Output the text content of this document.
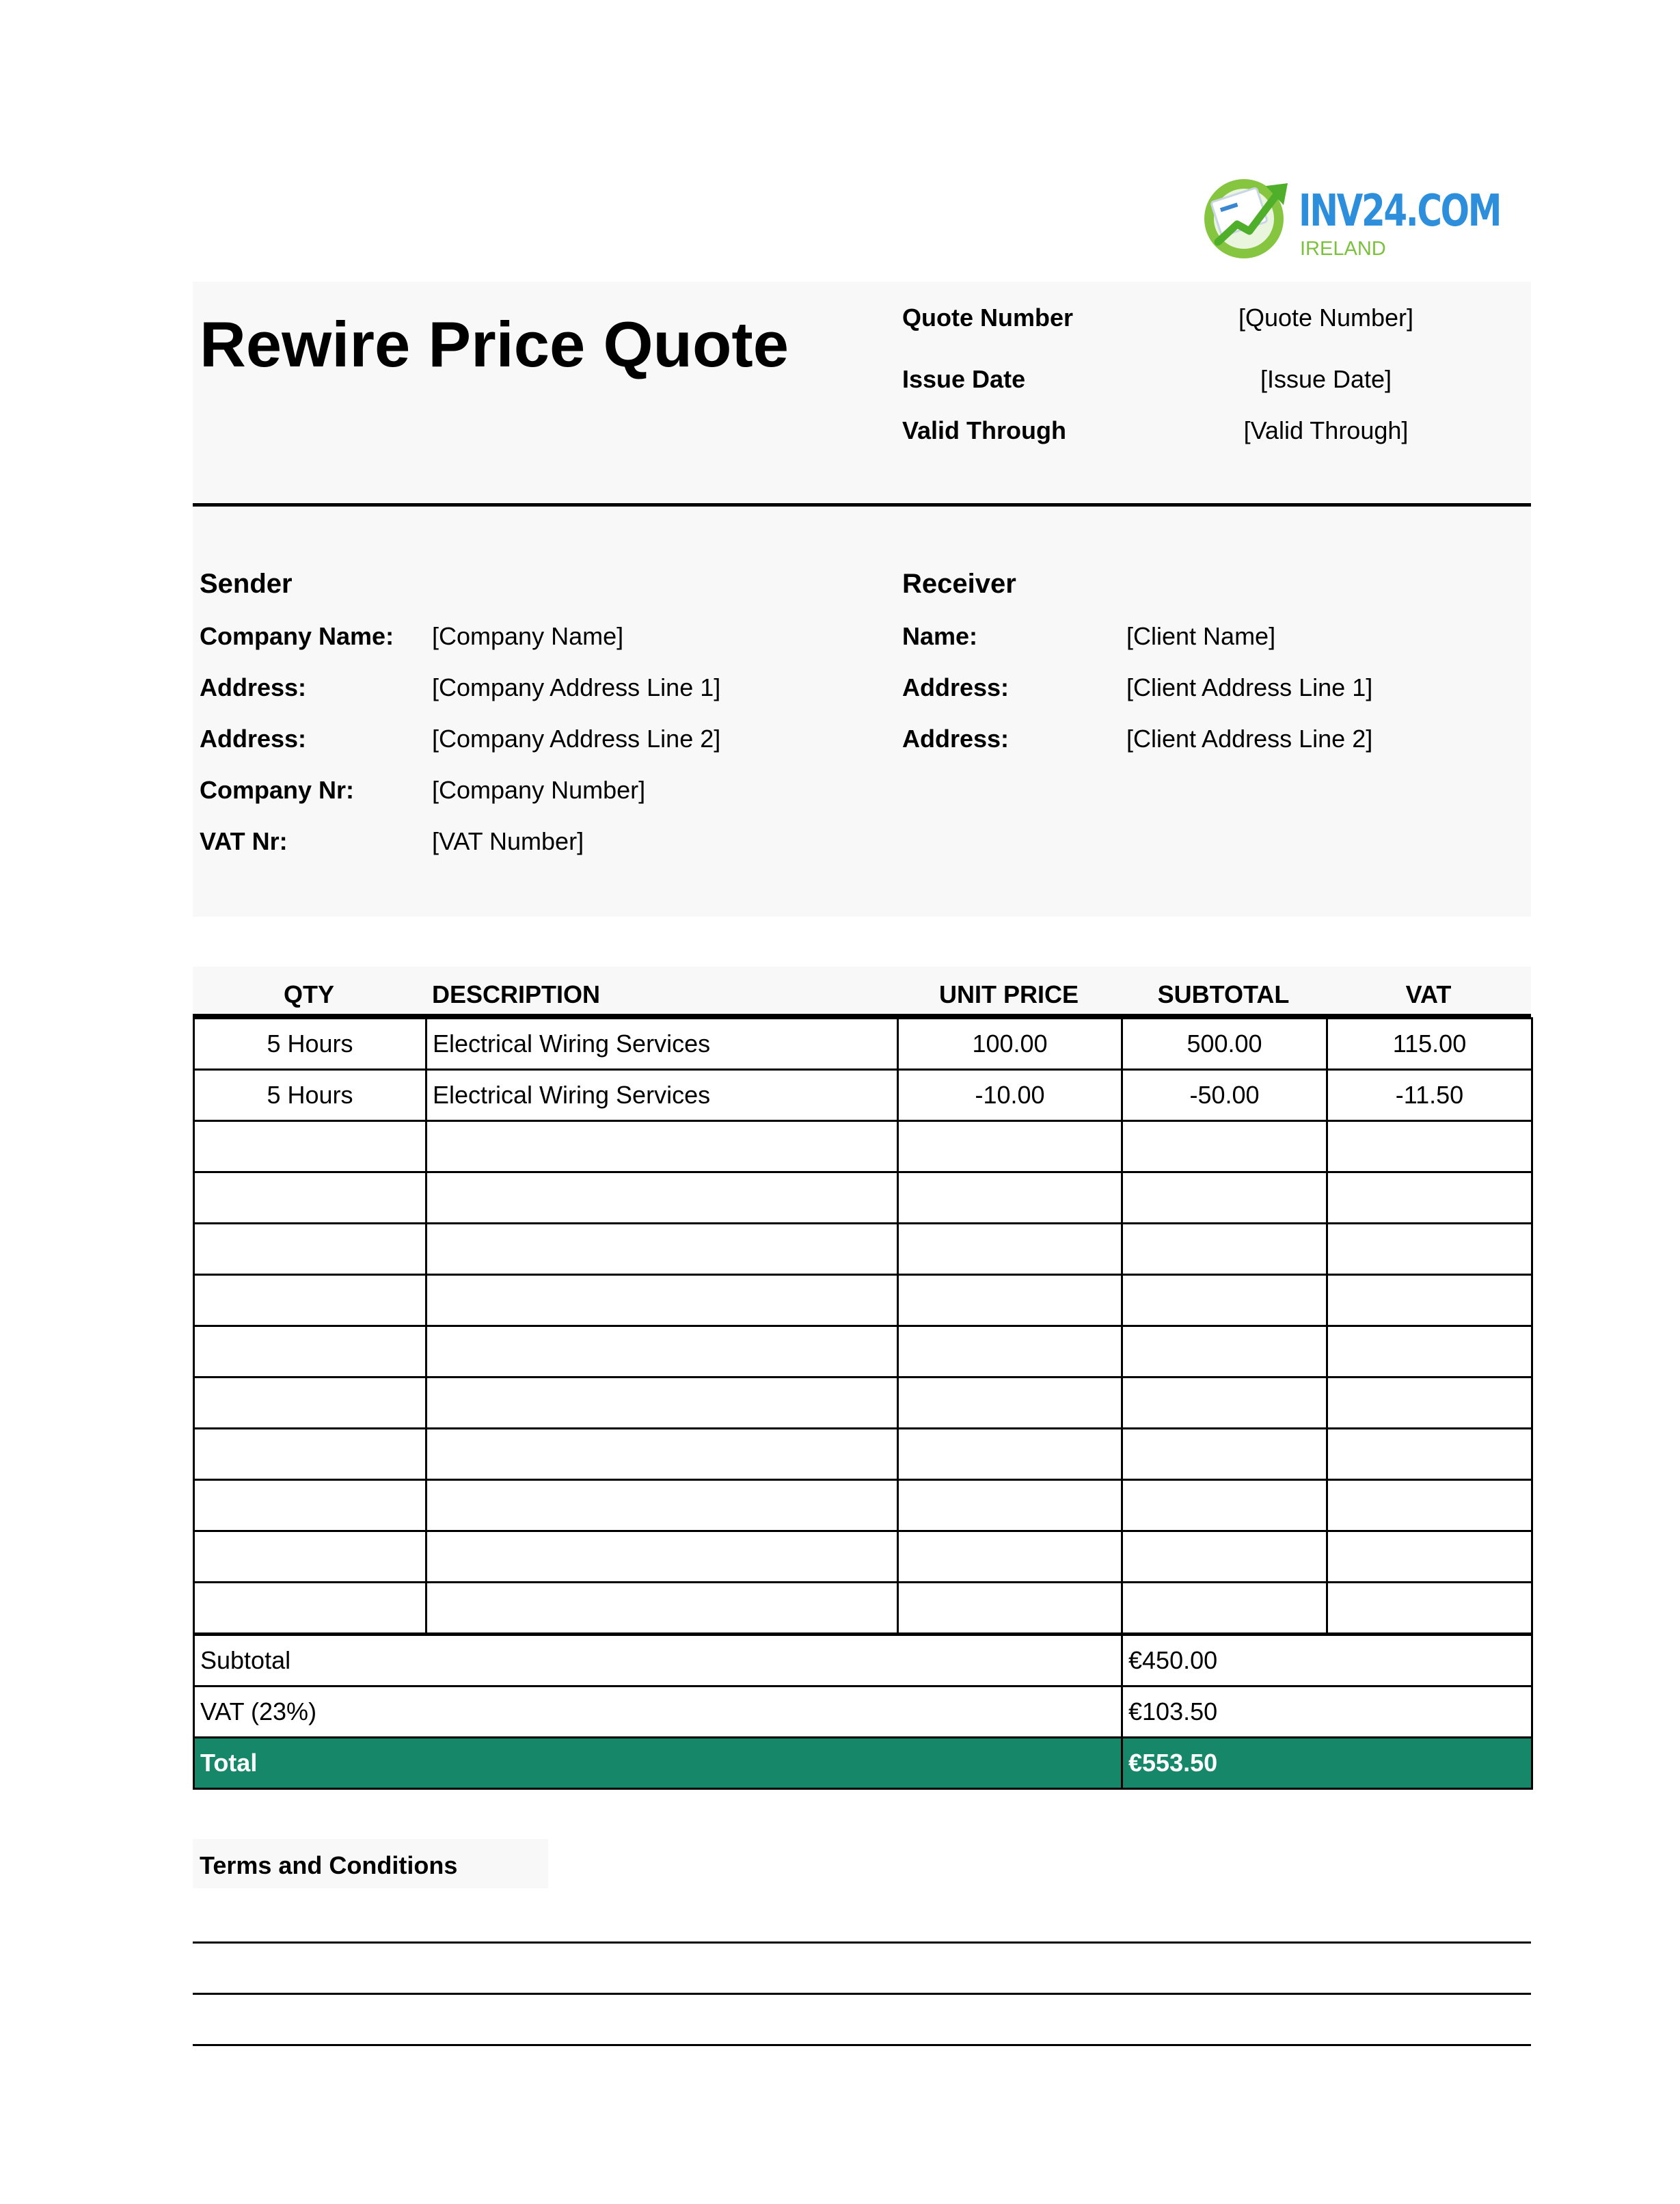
INV24.COM
IRELAND
Rewire Price Quote	Quote Number	[Quote Number]
Issue Date	[Issue Date]
Valid Through	[Valid Through]
Sender
Company Name: [Company Name]
Address:	[Company Address Line 1]
Address:	[Company Address Line 2]
Company Nr:	[Company Number]
VAT Nr:	[VAT Number]
Receiver
Name:	[Client Name]
Address:	[Client Address Line 1]
Address:	[Client Address Line 2]
QTY	DESCRIPTION	UNIT PRICE	SUBTOTAL	VAT
5 Hours	Electrical Wiring Services	100.00	500.00	115.00
5 Hours	Electrical Wiring Services	-10.00	-50.00	-11.50

Subtotal	€450.00
VAT (23%)	€103.50
Total	€553.50
Terms and Conditions
